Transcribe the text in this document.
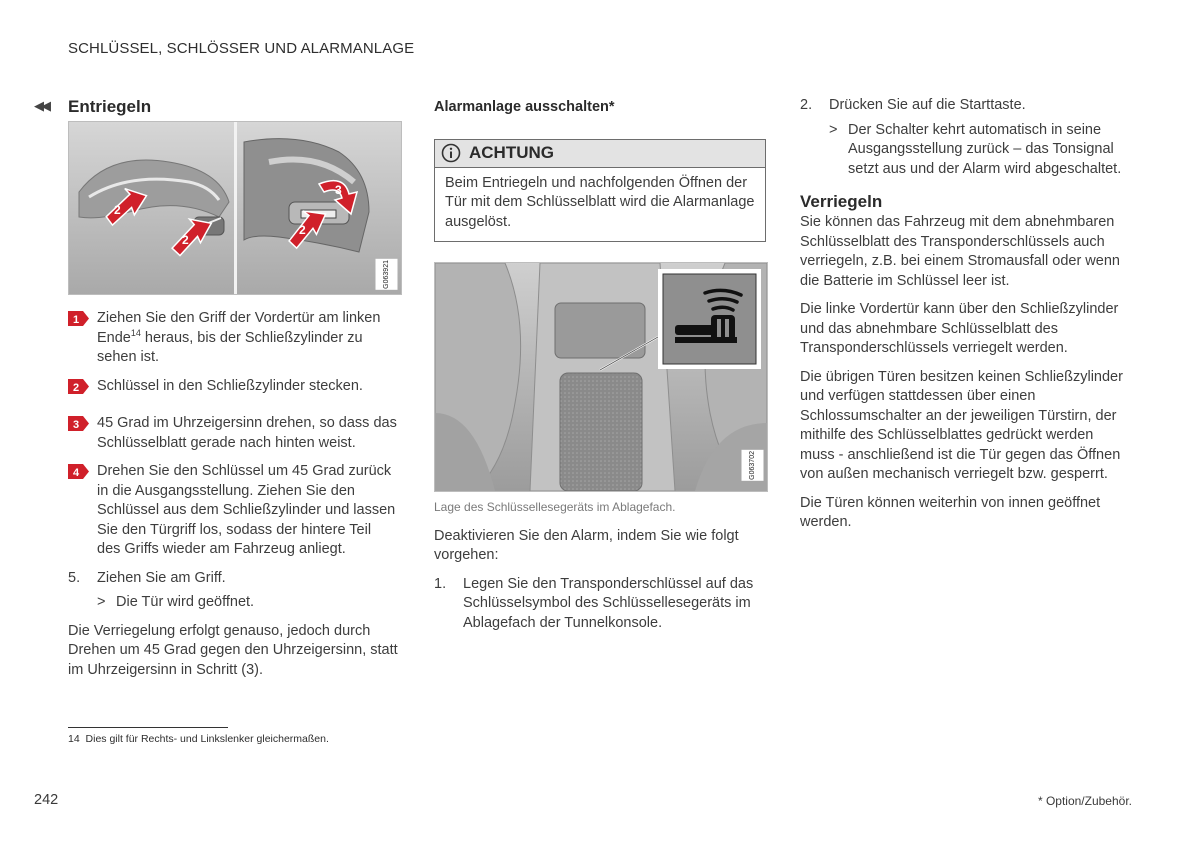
SCHLÜSSEL, SCHLÖSSER UND ALARMANLAGE
◀◀ Entriegeln
2
2
2
3
G063921
1 Ziehen Sie den Griff der Vordertür am linken Ende$^{14}$ heraus, bis der Schließzylinder zu sehen ist.
2 Schlüssel in den Schließzylinder stecken.
3 45 Grad im Uhrzeigersinn drehen, so dass das Schlüsselblatt gerade nach hinten weist.
4 Drehen Sie den Schlüssel um 45 Grad zurück in die Ausgangsstellung. Ziehen Sie den Schlüssel aus dem Schließzylinder und lassen Sie den Türgriff los, sodass der hintere Teil des Griffs wieder am Fahrzeug anliegt.
5. Ziehen Sie am Griff.
> Die Tür wird geöffnet.

Die Verriegelung erfolgt genauso, jedoch durch Drehen um 45 Grad gegen den Uhrzeigersinn, statt im Uhrzeigersinn in Schritt (3).

Alarmanlage ausschalten*
ACHTUNG
Beim Entriegeln und nachfolgenden Öffnen der Tür mit dem Schlüsselblatt wird die Alarmanlage ausgelöst.
G063702
Lage des Schlüssellesegeräts im Ablagefach.

Deaktivieren Sie den Alarm, indem Sie wie folgt vorgehen:

1. Legen Sie den Transponderschlüssel auf das Schlüsselsymbol des Schlüssellesegeräts im Ablagefach der Tunnelkonsole.
2. Drücken Sie auf die Starttaste.
> Der Schalter kehrt automatisch in seine Ausgangsstellung zurück – das Tonsignal setzt aus und der Alarm wird abgeschaltet.
Verriegeln

Sie können das Fahrzeug mit dem abnehmbaren Schlüsselblatt des Transponderschlüssels auch verriegeln, z.B. bei einem Stromausfall oder wenn die Batterie im Schlüssel leer ist.

Die linke Vordertür kann über den Schließzylinder und das abnehmbare Schlüsselblatt des Transponderschlüssels verriegelt werden.

Die übrigen Türen besitzen keinen Schließzylinder und verfügen stattdessen über einen Schlossumschalter an der jeweiligen Türstirn, der mithilfe des Schlüsselblattes gedrückt werden muss - anschließend ist die Tür gegen das Öffnen von außen mechanisch verriegelt bzw. gesperrt.

Die Türen können weiterhin von innen geöffnet werden.

14 Dies gilt für Rechts- und Linkslenker gleichermaßen.
242	* Option/Zubehör.
